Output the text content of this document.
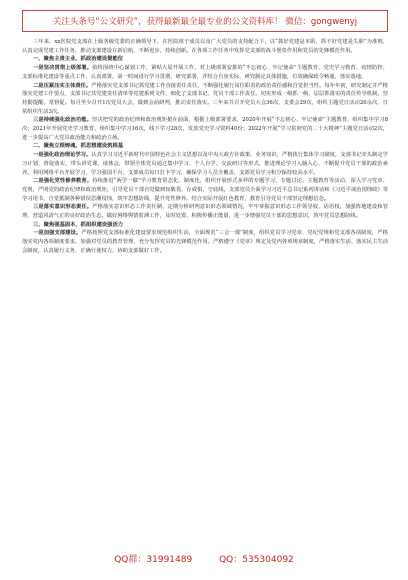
关注头条号“公文研究”，获得最新最全最专业的公文资料库！ 微信：gongwenyj

三年来，xx医院党支部在上级各级党委的正确领导下，在医院班子成员以及广大党员的支持配合下，以“抓好党建是本职，抓不好党建是失职”为准则，认真完成党建工作任务，推动支部建设在新启航，不断进步，持续创新。在各项工作任务中发挥党支部的战斗堡垒作用和党员的先锋模范作用。

一、聚焦主责主业，抓政治建设提能位

一是坚决贯彻上级部署。始终围绕中心谋划工作，紧贴大局开展工作，对上级部署安排的“不忘初心、牢记使命”主题教育、党史学习教育、疫情防控、支部标准化建设等重点工作，认真部署，第一时间进行学习贯彻、研究部署，并结合自身实际，研究制定具体措施，有效确保政令畅通，落实落地。

二是压紧压实主体责任。严格落实党支部书记抓党建工作直接责任责任，不断强化履行岗位职责的政治责任感和自觉担当性。每年年初，研究制定并严格落实党建工作要点，支部书记其党建责任清单等党建系列文件，细化了支部书记、党员干部工作责任。切实形成一级抓一级，层层抓落实的责任传导机制，坚持勤提醒、常督促。每月至少召开1次党员大会，做到会前研判，推动责任落实。三年来共召开党员大会36次、支委会29次，组织主题党日活动20余次，日常组织生活3次。

三是持续强化政治功能。坚决把党的政治纪律和政治规矩挺在前面，根据上级部署要求，2020年开展“不忘初心、牢记使命”主题教育，组织集中学习8次；2021年开展党史学习教育，组织集中学习16次，线下学习28次，发放党史学习资料40份；2022年开展“学习贯彻党的二十大精神”主题党日活动2次，进一步提高广大党员政治能力和政治立场。

二、聚焦立根铸魂，抓思想建设筑根基

一是强化政治理论学习。认真学习习近平新时代中国特色社会主义思想以及中央大政方针政策、业务知识，严格执行集体学习制度，支部书记牵头制定学习计划，督促落实，带头讲党课、谈体会，带领全体党员通过集中学习、个人自学、交流研讨等形式，推进理论学习入脑入心，不断提升党员干部的政治素养。利用网络平台开展学习，学习强国平台、支部成员每日打卡学习，确保学习人员全覆盖，支部党员学习积分保持较高水平。

二是强化党性修养教育。持续推进“两学一做”学习教育常态化、制度化，组织开展形式多样的专题学习、专题讨论、主题教育等活动，深入学习党章、党规，严明党的政治纪律和政治规矩，引导党员干部自觉做到知敬畏、存戒惧、守底线，支部党员全面学习习近平总书记系列讲话和《习近平谈治国理政》等学习用书，自觉抵制各种错误思潮侵蚀，筑牢思想防线，提升党性修养。结合实际开展红色教育，教育引导党员干部坚定理想信念。

三是落实意识形态责任。严格落实意识形态工作责任制，定期分析研判意识形态领域情况，牢牢掌握意识形态工作领导权、话语权，加强阵地建设和管理，营造风清气正的良好政治生态。做好网络舆情监测工作，及时处置，积极传播正能量，进一步增强党员干部的思想意识，筑牢党员思想防线。

三、聚焦强基固本，抓组织建设强活力

一是加强支部建设。严格按照党支部标准化建设要求规范组织生活，全面规范“三会一课”制度，组织党员学习党章、党纪党规和党支部各项制度，严格落实党内各项制度要求，加强对党员的教育管理，充分发挥党员的先锋模范作用。严格遵守《党章》规定及党内各项规章制度，严格落实生活、落实民主生活会制度，认真履行义务，正确行使权力，协助支部做好工作。

QQ群：31991489	QQ：535304092
